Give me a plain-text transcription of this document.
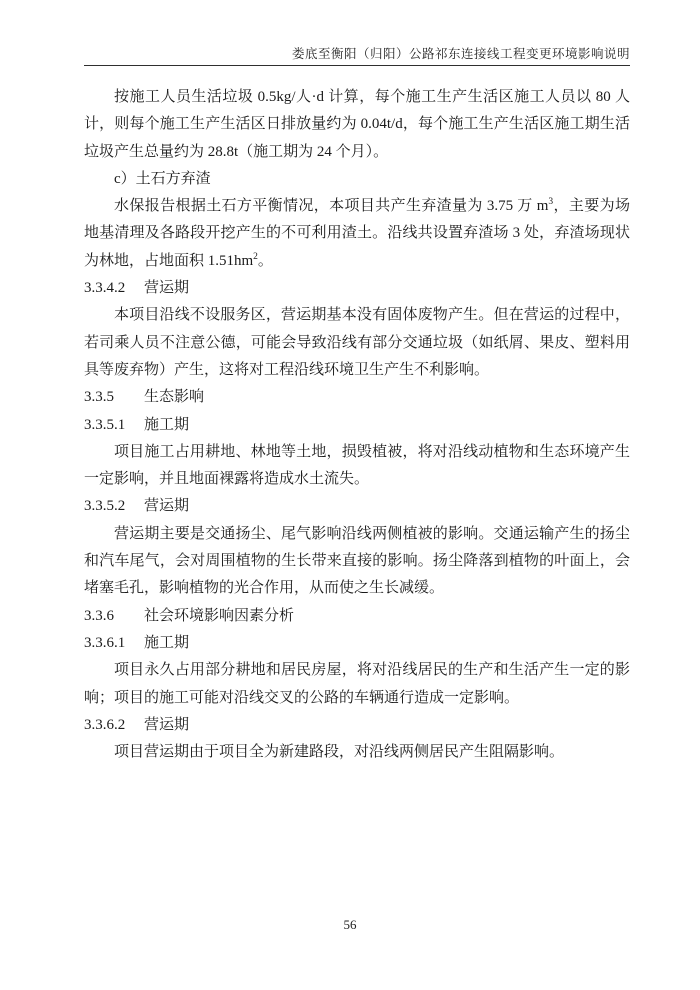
娄底至衡阳（归阳）公路祁东连接线工程变更环境影响说明
按施工人员生活垃圾 0.5kg/人·d 计算，每个施工生产生活区施工人员以 80 人计，则每个施工生产生活区日排放量约为 0.04t/d，每个施工生产生活区施工期生活垃圾产生总量约为 28.8t（施工期为 24 个月）。
c）土石方弃渣
水保报告根据土石方平衡情况，本项目共产生弃渣量为 3.75 万 $m^3$，主要为场地基清理及各路段开挖产生的不可利用渣土。沿线共设置弃渣场 3 处，弃渣场现状为林地，占地面积 $1.51hm^2$。
3.3.4.2 营运期
本项目沿线不设服务区，营运期基本没有固体废物产生。但在营运的过程中，若司乘人员不注意公德，可能会导致沿线有部分交通垃圾（如纸屑、果皮、塑料用具等废弃物）产生，这将对工程沿线环境卫生产生不利影响。
3.3.5 生态影响
3.3.5.1 施工期
项目施工占用耕地、林地等土地，损毁植被，将对沿线动植物和生态环境产生一定影响，并且地面裸露将造成水土流失。
3.3.5.2 营运期
营运期主要是交通扬尘、尾气影响沿线两侧植被的影响。交通运输产生的扬尘和汽车尾气，会对周围植物的生长带来直接的影响。扬尘降落到植物的叶面上，会堵塞毛孔，影响植物的光合作用，从而使之生长减缓。
3.3.6 社会环境影响因素分析
3.3.6.1 施工期
项目永久占用部分耕地和居民房屋，将对沿线居民的生产和生活产生一定的影响；项目的施工可能对沿线交叉的公路的车辆通行造成一定影响。
3.3.6.2 营运期
项目营运期由于项目全为新建路段，对沿线两侧居民产生阻隔影响。
56
